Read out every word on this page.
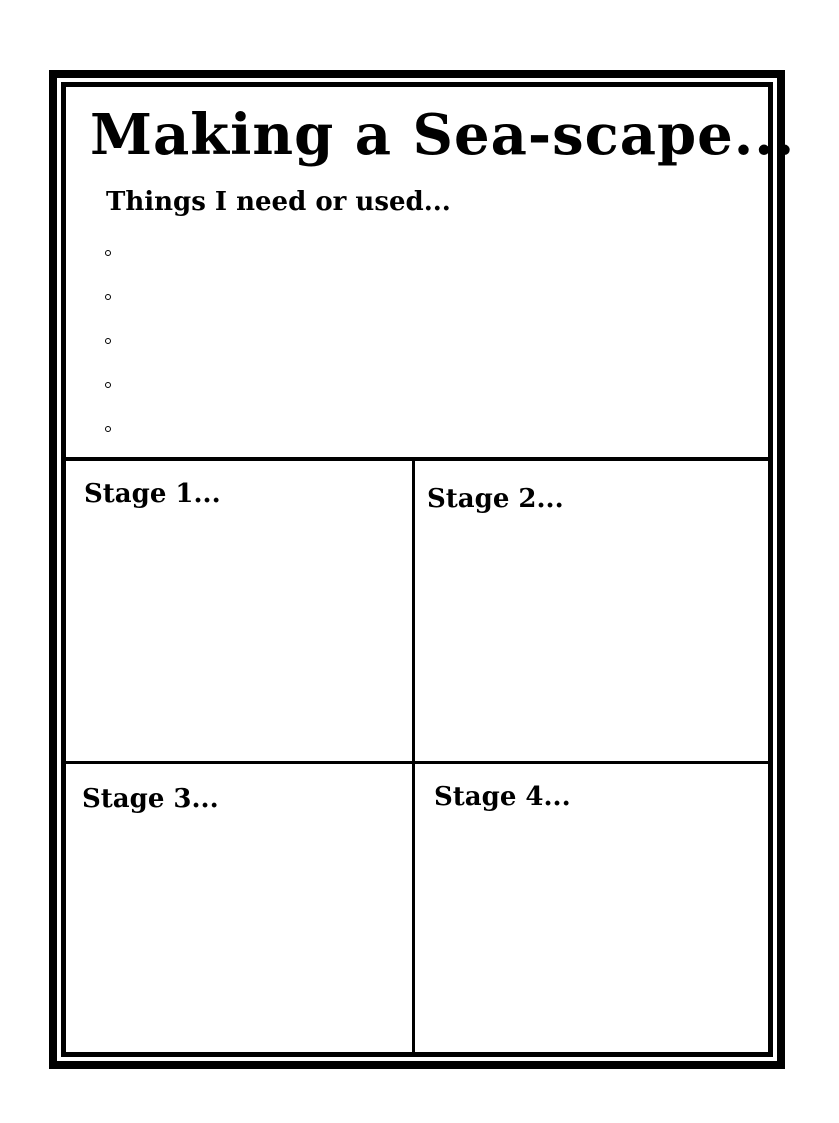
Making a Sea-scape...
Things I need or used...

Stage 1...	Stage 2...

Stage 3...	Stage 4...
